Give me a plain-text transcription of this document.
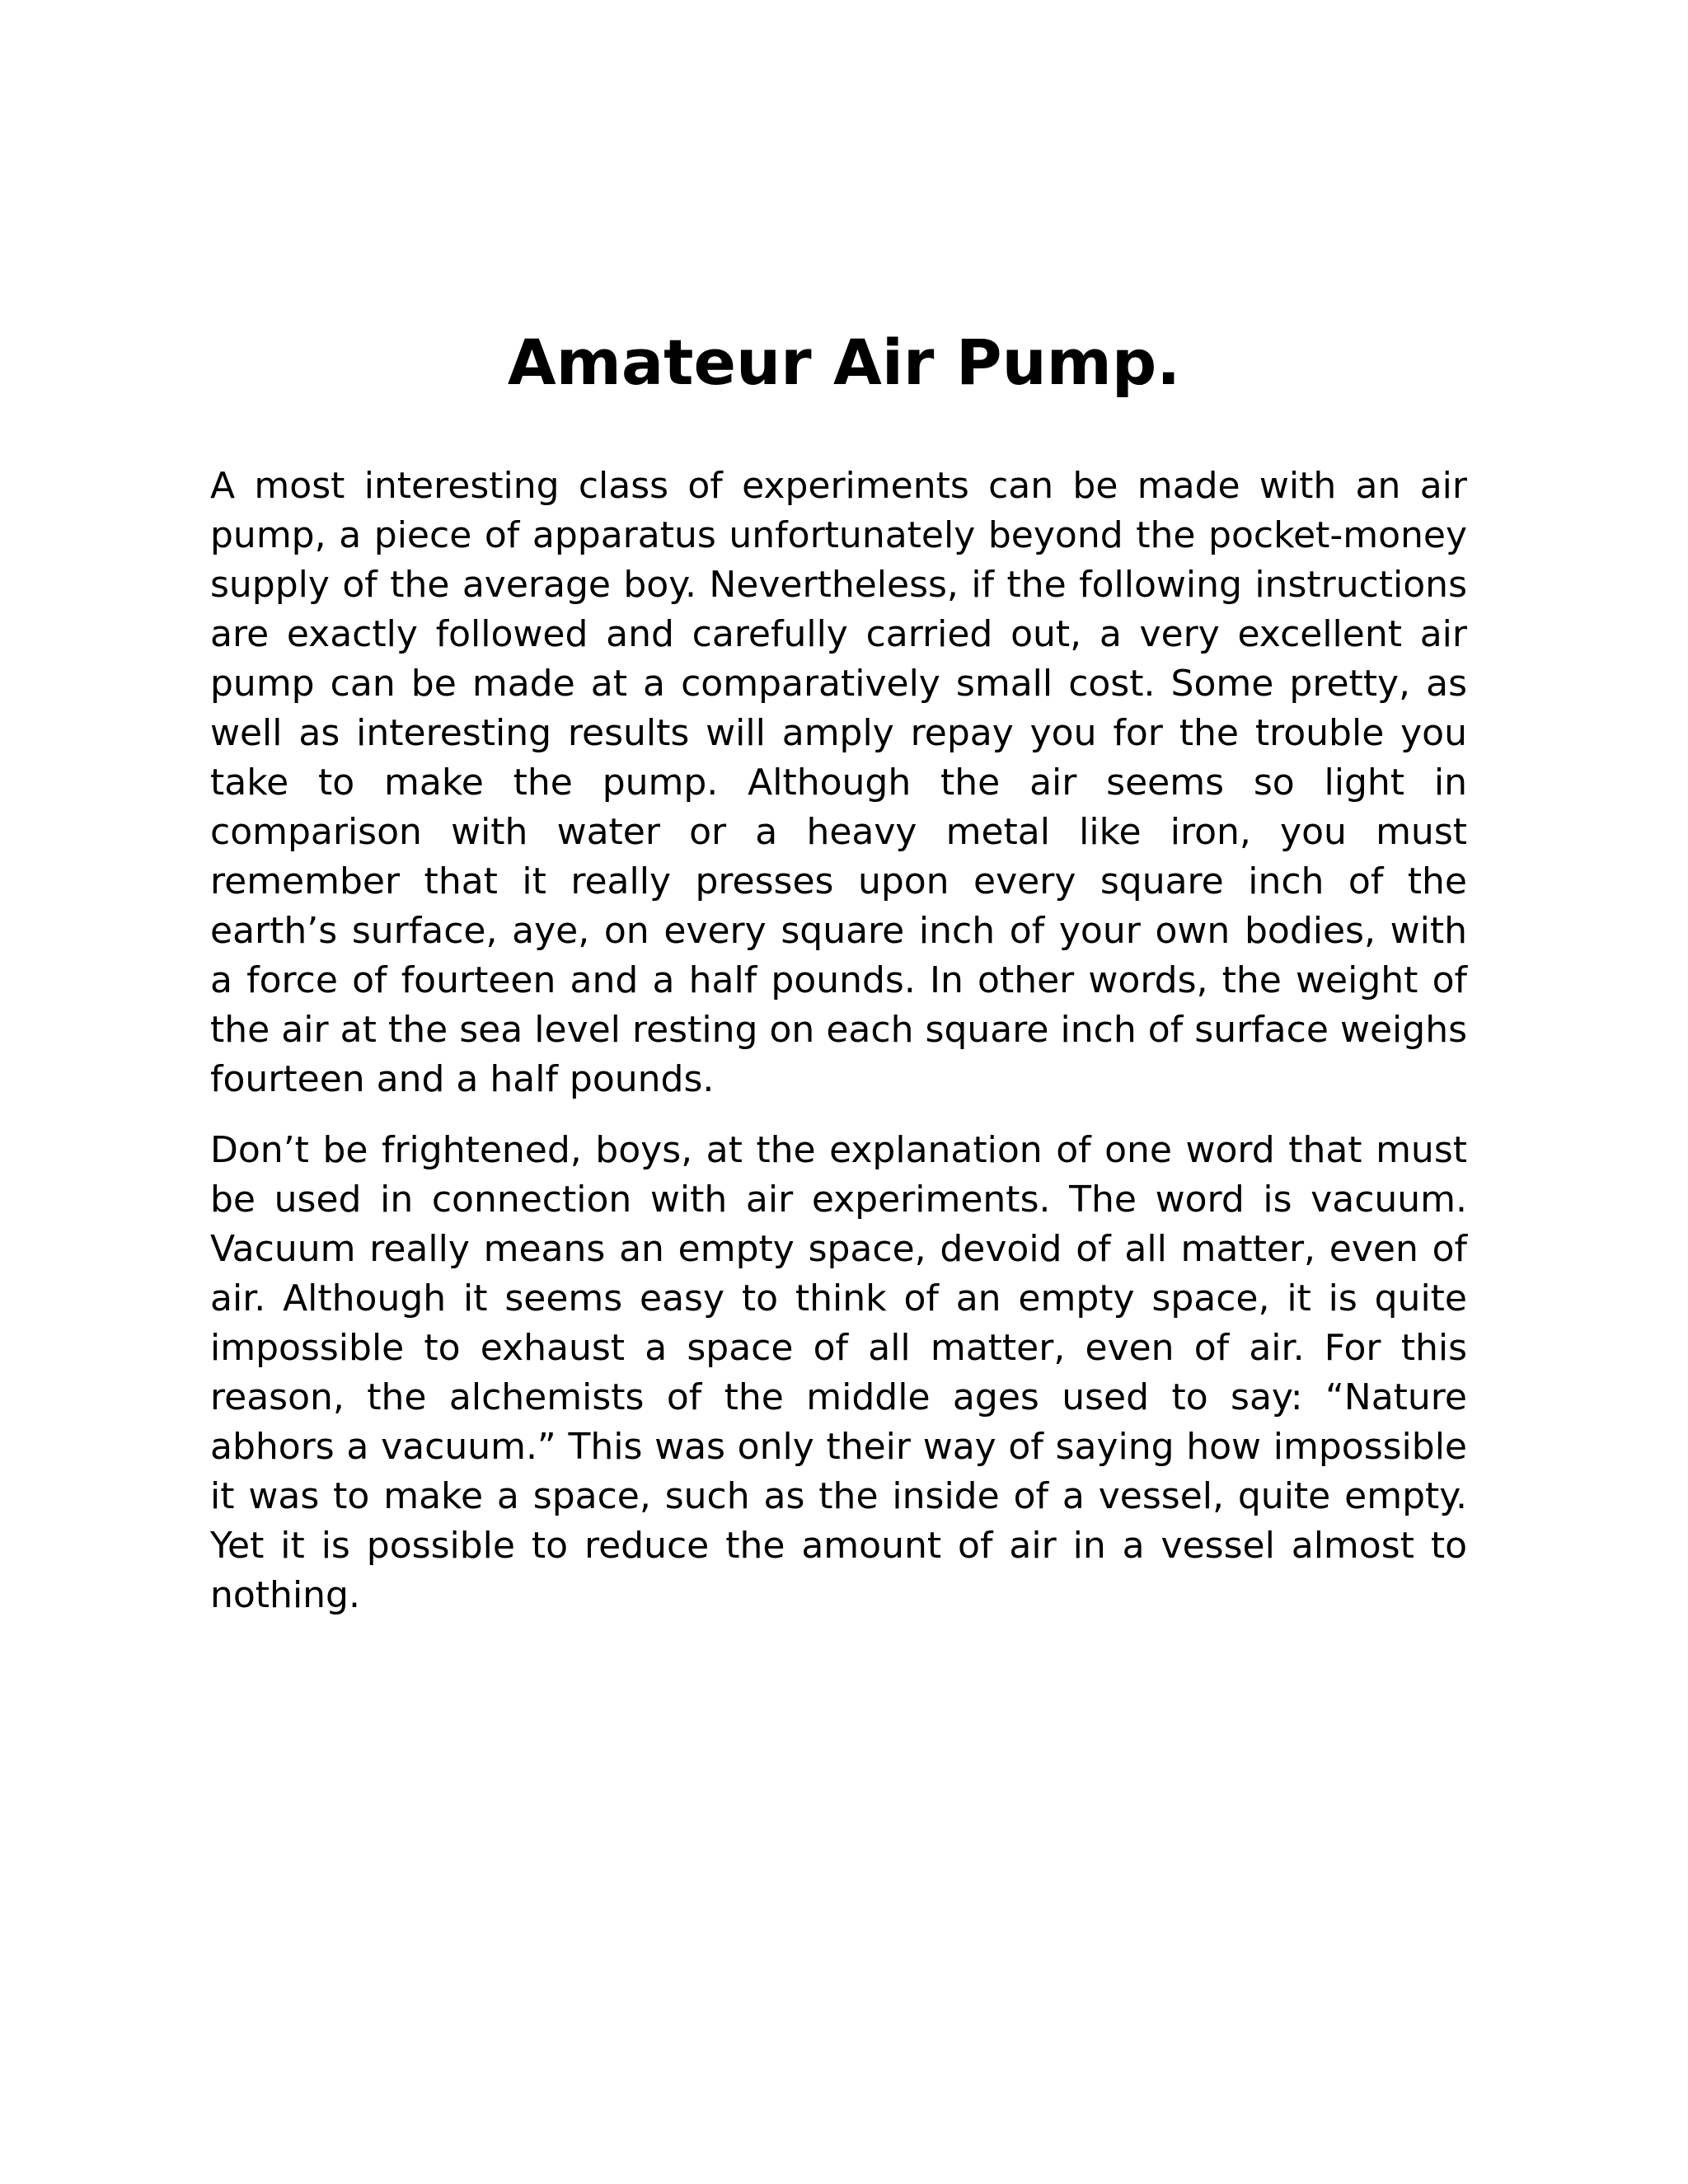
Amateur Air Pump.

A most interesting class of experiments can be made with an air pump, a piece of apparatus unfortunately beyond the pocket-money supply of the average boy. Nevertheless, if the following instructions are exactly followed and carefully carried out, a very excellent air pump can be made at a comparatively small cost. Some pretty, as well as interesting results will amply repay you for the trouble you take to make the pump. Although the air seems so light in comparison with water or a heavy metal like iron, you must remember that it really presses upon every square inch of the earth’s surface, aye, on every square inch of your own bodies, with a force of fourteen and a half pounds. In other words, the weight of the air at the sea level resting on each square inch of surface weighs fourteen and a half pounds.

Don’t be frightened, boys, at the explanation of one word that must be used in connection with air experiments. The word is vacuum. Vacuum really means an empty space, devoid of all matter, even of air. Although it seems easy to think of an empty space, it is quite impossible to exhaust a space of all matter, even of air. For this reason, the alchemists of the middle ages used to say: “Nature abhors a vacuum.” This was only their way of saying how impossible it was to make a space, such as the inside of a vessel, quite empty. Yet it is possible to reduce the amount of air in a vessel almost to nothing.
